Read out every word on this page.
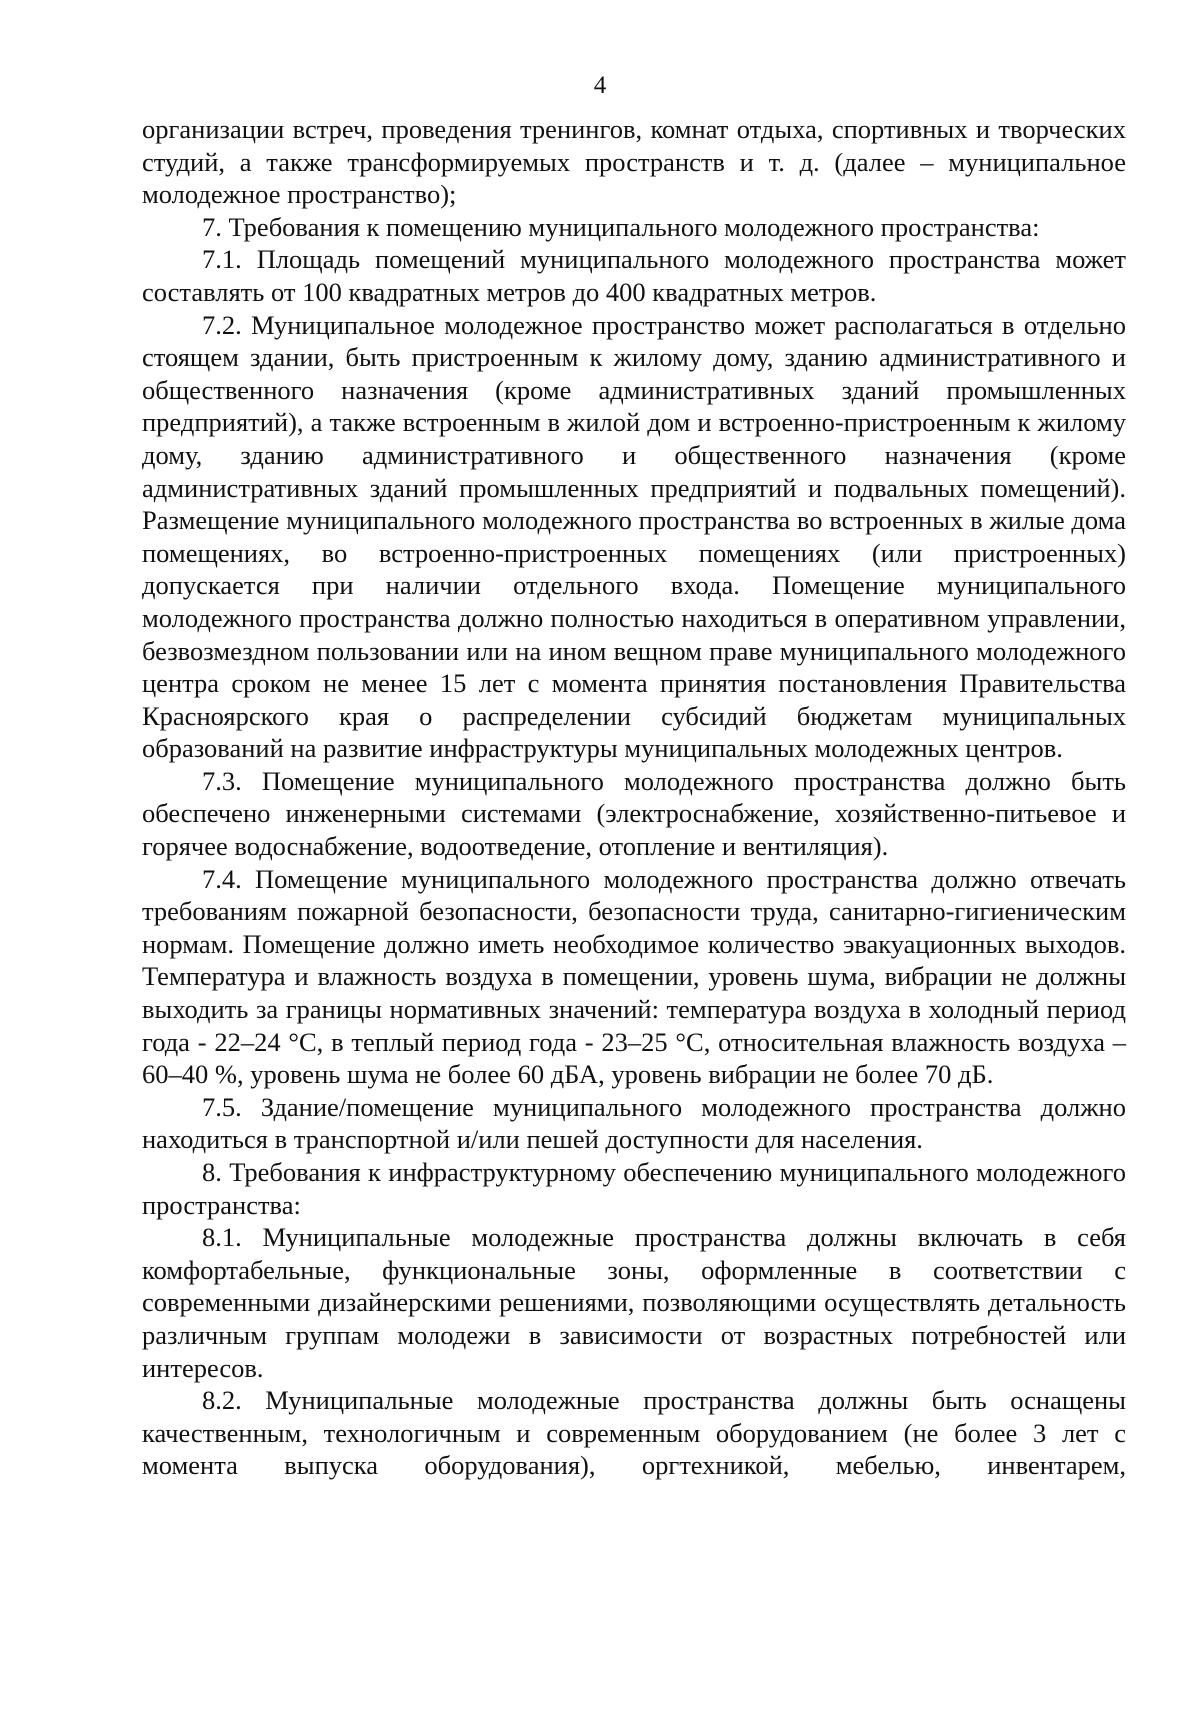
4

организации встреч, проведения тренингов, комнат отдыха, спортивных и творческих студий, а также трансформируемых пространств и т. д. (далее – муниципальное молодежное пространство);

7. Требования к помещению муниципального молодежного пространства:

7.1. Площадь помещений муниципального молодежного пространства может составлять от 100 квадратных метров до 400 квадратных метров.

7.2. Муниципальное молодежное пространство может располагаться в отдельно стоящем здании, быть пристроенным к жилому дому, зданию административного и общественного назначения (кроме административных зданий промышленных предприятий), а также встроенным в жилой дом и встроенно-пристроенным к жилому дому, зданию административного и общественного назначения (кроме административных зданий промышленных предприятий и подвальных помещений). Размещение муниципального молодежного пространства во встроенных в жилые дома помещениях, во встроенно-пристроенных помещениях (или пристроенных) допускается при наличии отдельного входа. Помещение муниципального молодежного пространства должно полностью находиться в оперативном управлении, безвозмездном пользовании или на ином вещном праве муниципального молодежного центра сроком не менее 15 лет с момента принятия постановления Правительства Красноярского края о распределении субсидий бюджетам муниципальных образований на развитие инфраструктуры муниципальных молодежных центров.

7.3. Помещение муниципального молодежного пространства должно быть обеспечено инженерными системами (электроснабжение, хозяйственно-питьевое и горячее водоснабжение, водоотведение, отопление и вентиляция).

7.4. Помещение муниципального молодежного пространства должно отвечать требованиям пожарной безопасности, безопасности труда, санитарно-гигиеническим нормам. Помещение должно иметь необходимое количество эвакуационных выходов. Температура и влажность воздуха в помещении, уровень шума, вибрации не должны выходить за границы нормативных значений: температура воздуха в холодный период года - 22–24 °С, в теплый период года - 23–25 °С, относительная влажность воздуха – 60–40 %, уровень шума не более 60 дБА, уровень вибрации не более 70 дБ.

7.5. Здание/помещение муниципального молодежного пространства должно находиться в транспортной и/или пешей доступности для населения.

8. Требования к инфраструктурному обеспечению муниципального молодежного пространства:

8.1. Муниципальные молодежные пространства должны включать в себя комфортабельные, функциональные зоны, оформленные в соответствии с современными дизайнерскими решениями, позволяющими осуществлять детальность различным группам молодежи в зависимости от возрастных потребностей или интересов.

8.2. Муниципальные молодежные пространства должны быть оснащены качественным, технологичным и современным оборудованием (не более 3 лет с момента выпуска оборудования), оргтехникой, мебелью, инвентарем,
